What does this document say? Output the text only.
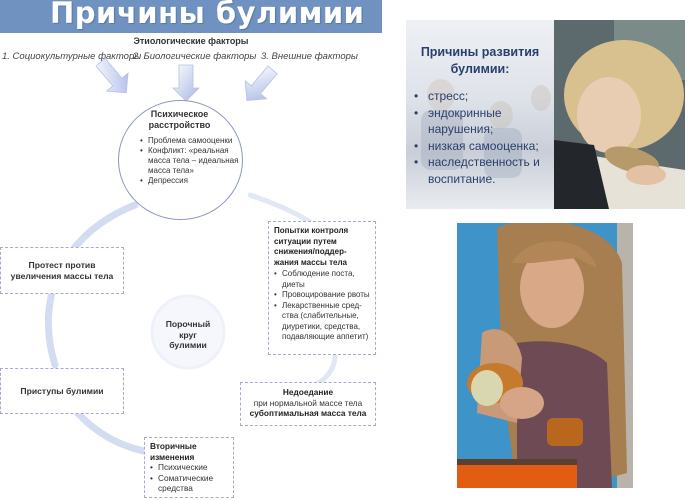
Причины булимии
Этиологические факторы
1. Социокультурные факторы
2. Биологические факторы 3. Внешние факторы
Психическое
расстройство
• Проблема самооценки
• Конфликт: «реальная масса тела – идеальная масса тела»
• Депрессия
Попытки контроля ситуации путем снижения/поддер-жания массы тела
• Соблюдение поста, диеты
• Провоцирование рвоты
• Лекарственные сред-ства (слабительные, диуретики, средства, подавляющие аппетит)
Протест против увеличения массы тела
Порочный
круг
булимии
Приступы булимии	Недоедание
при нормальной массе тела
субоптимальная масса тела
Вторичные
изменения
• Психические
• Соматические средства
Причины развития
булимии:
• стресс;
• эндокринные нарушения;
• низкая самооценка;
• наследственность и воспитание.
